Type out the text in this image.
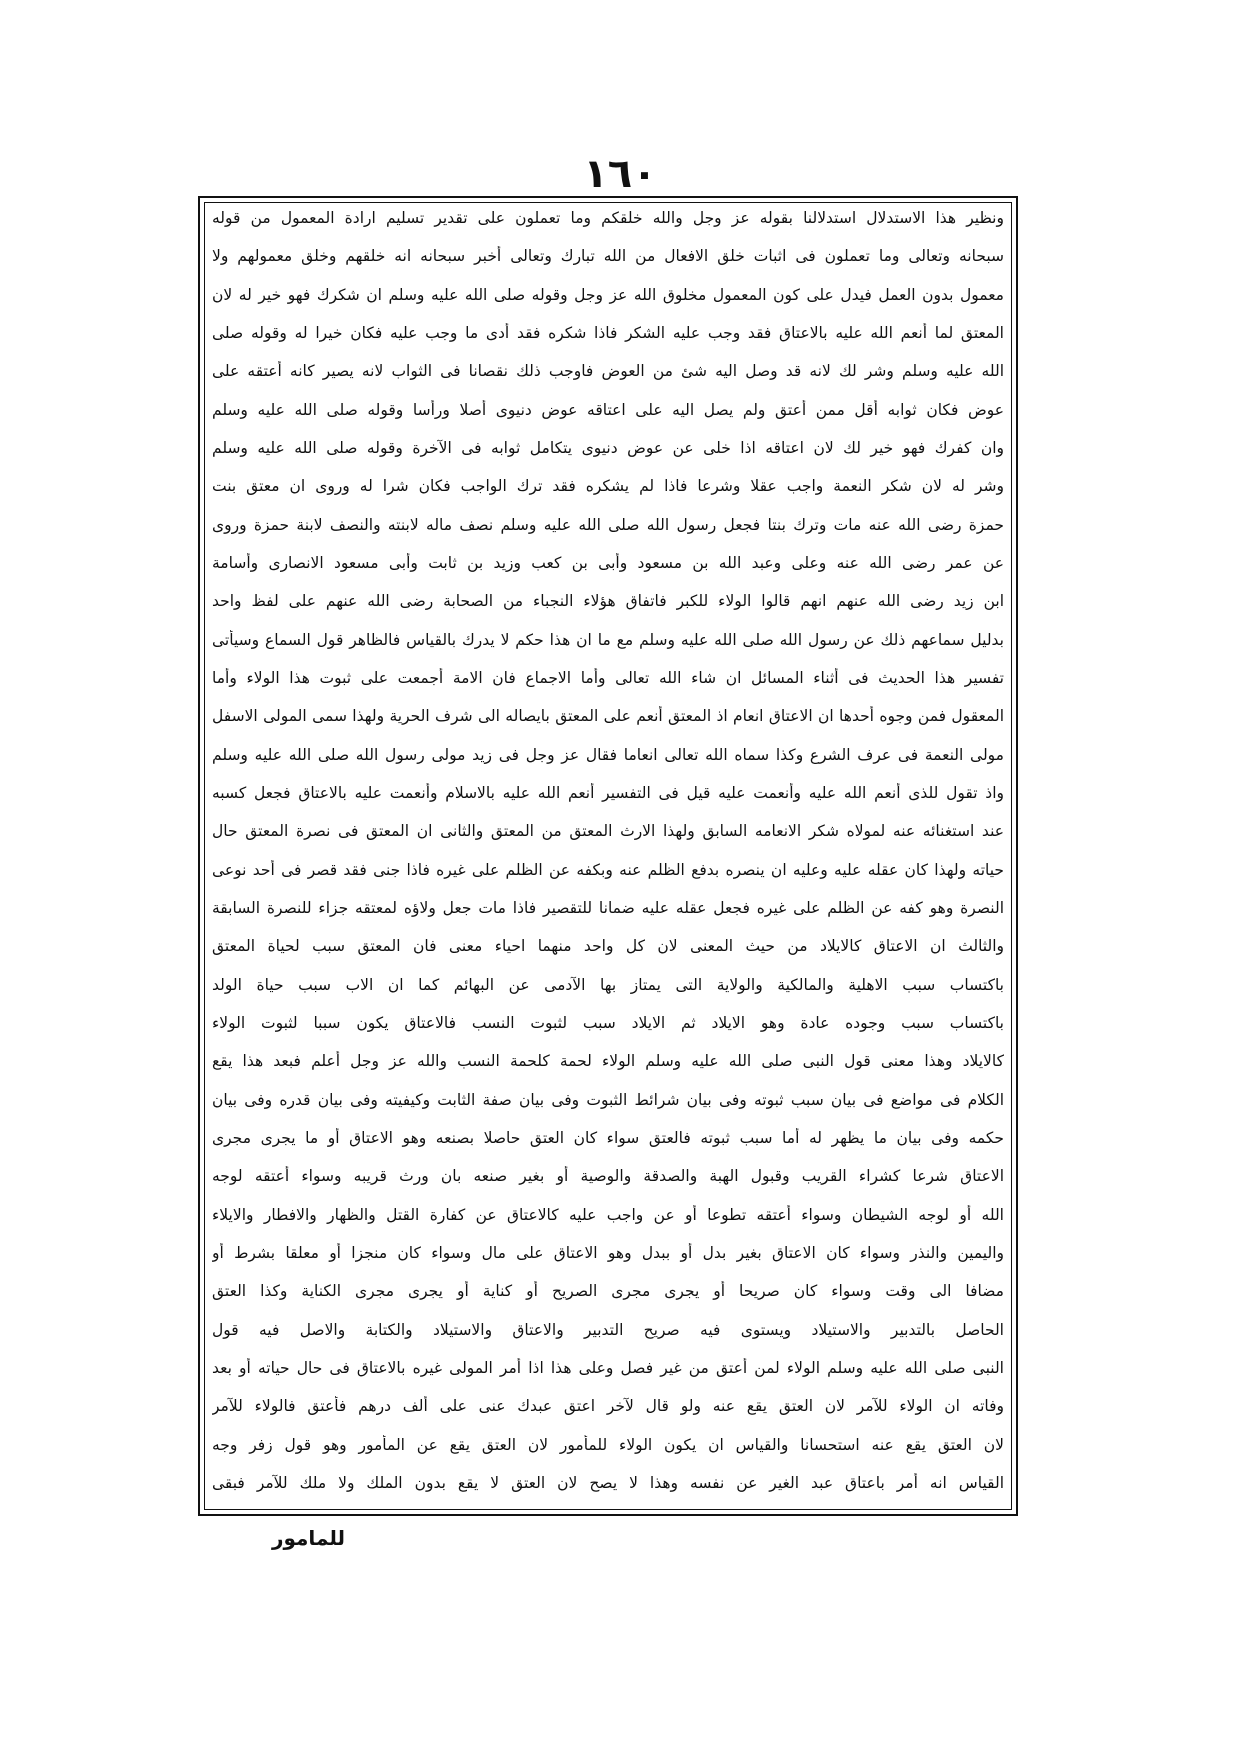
١٦٠
ونظير هذا الاستدلال استدلالنا بقوله عز وجل والله خلقكم وما تعملون على تقدير تسليم ارادة المعمول من قوله
سبحانه وتعالى وما تعملون فى اثبات خلق الافعال من الله تبارك وتعالى أخبر سبحانه انه خلقهم وخلق معمولهم ولا
معمول بدون العمل فيدل على كون المعمول مخلوق الله عز وجل وقوله صلى الله عليه وسلم ان شكرك فهو خير له لان
المعتق لما أنعم الله عليه بالاعتاق فقد وجب عليه الشكر فاذا شكره فقد أدى ما وجب عليه فكان خيرا له وقوله صلى
الله عليه وسلم وشر لك لانه قد وصل اليه شئ من العوض فاوجب ذلك نقصانا فى الثواب لانه يصير كانه أعتقه على
عوض فكان ثوابه أقل ممن أعتق ولم يصل اليه على اعتاقه عوض دنيوى أصلا ورأسا وقوله صلى الله عليه وسلم
وان كفرك فهو خير لك لان اعتاقه اذا خلى عن عوض دنيوى يتكامل ثوابه فى الآخرة وقوله صلى الله عليه وسلم
وشر له لان شكر النعمة واجب عقلا وشرعا فاذا لم يشكره فقد ترك الواجب فكان شرا له وروى ان معتق بنت
حمزة رضى الله عنه مات وترك بنتا فجعل رسول الله صلى الله عليه وسلم نصف ماله لابنته والنصف لابنة حمزة وروى
عن عمر رضى الله عنه وعلى وعبد الله بن مسعود وأبى بن كعب وزيد بن ثابت وأبى مسعود الانصارى وأسامة
ابن زيد رضى الله عنهم انهم قالوا الولاء للكبر فاتفاق هؤلاء النجباء من الصحابة رضى الله عنهم على لفظ واحد
بدليل سماعهم ذلك عن رسول الله صلى الله عليه وسلم مع ما ان هذا حكم لا يدرك بالقياس فالظاهر قول السماع وسيأتى
تفسير هذا الحديث فى أثناء المسائل ان شاء الله تعالى وأما الاجماع فان الامة أجمعت على ثبوت هذا الولاء وأما
المعقول فمن وجوه أحدها ان الاعتاق انعام اذ المعتق أنعم على المعتق بايصاله الى شرف الحرية ولهذا سمى المولى الاسفل
مولى النعمة فى عرف الشرع وكذا سماه الله تعالى انعاما فقال عز وجل فى زيد مولى رسول الله صلى الله عليه وسلم
واذ تقول للذى أنعم الله عليه وأنعمت عليه قيل فى التفسير أنعم الله عليه بالاسلام وأنعمت عليه بالاعتاق فجعل كسبه
عند استغنائه عنه لمولاه شكر الانعامه السابق ولهذا الارث المعتق من المعتق والثانى ان المعتق فى نصرة المعتق حال
حياته ولهذا كان عقله عليه وعليه ان ينصره بدفع الظلم عنه وبكفه عن الظلم على غيره فاذا جنى فقد قصر فى أحد نوعى
النصرة وهو كفه عن الظلم على غيره فجعل عقله عليه ضمانا للتقصير فاذا مات جعل ولاؤه لمعتقه جزاء للنصرة السابقة
والثالث ان الاعتاق كالايلاد من حيث المعنى لان كل واحد منهما احياء معنى فان المعتق سبب لحياة المعتق
باكتساب سبب الاهلية والمالكية والولاية التى يمتاز بها الآدمى عن البهائم كما ان الاب سبب حياة الولد
باكتساب سبب وجوده عادة وهو الايلاد ثم الايلاد سبب لثبوت النسب فالاعتاق يكون سببا لثبوت الولاء
كالايلاد وهذا معنى قول النبى صلى الله عليه وسلم الولاء لحمة كلحمة النسب والله عز وجل أعلم فبعد هذا يقع
الكلام فى مواضع فى بيان سبب ثبوته وفى بيان شرائط الثبوت وفى بيان صفة الثابت وكيفيته وفى بيان قدره وفى بيان
حكمه وفى بيان ما يظهر له أما سبب ثبوته فالعتق سواء كان العتق حاصلا بصنعه وهو الاعتاق أو ما يجرى مجرى
الاعتاق شرعا كشراء القريب وقبول الهبة والصدقة والوصية أو بغير صنعه بان ورث قريبه وسواء أعتقه لوجه
الله أو لوجه الشيطان وسواء أعتقه تطوعا أو عن واجب عليه كالاعتاق عن كفارة القتل والظهار والافطار والايلاء
واليمين والنذر وسواء كان الاعتاق بغير بدل أو ببدل وهو الاعتاق على مال وسواء كان منجزا أو معلقا بشرط أو
مضافا الى وقت وسواء كان صريحا أو يجرى مجرى الصريح أو كناية أو يجرى مجرى الكناية وكذا العتق
الحاصل بالتدبير والاستيلاد ويستوى فيه صريح التدبير والاعتاق والاستيلاد والكتابة والاصل فيه قول
النبى صلى الله عليه وسلم الولاء لمن أعتق من غير فصل وعلى هذا اذا أمر المولى غيره بالاعتاق فى حال حياته أو بعد
وفاته ان الولاء للآمر لان العتق يقع عنه ولو قال لآخر اعتق عبدك عنى على ألف درهم فأعتق فالولاء للآمر
لان العتق يقع عنه استحسانا والقياس ان يكون الولاء للمأمور لان العتق يقع عن المأمور وهو قول زفر وجه
القياس انه أمر باعتاق عبد الغير عن نفسه وهذا لا يصح لان العتق لا يقع بدون الملك ولا ملك للآمر فبقى
للمامور
